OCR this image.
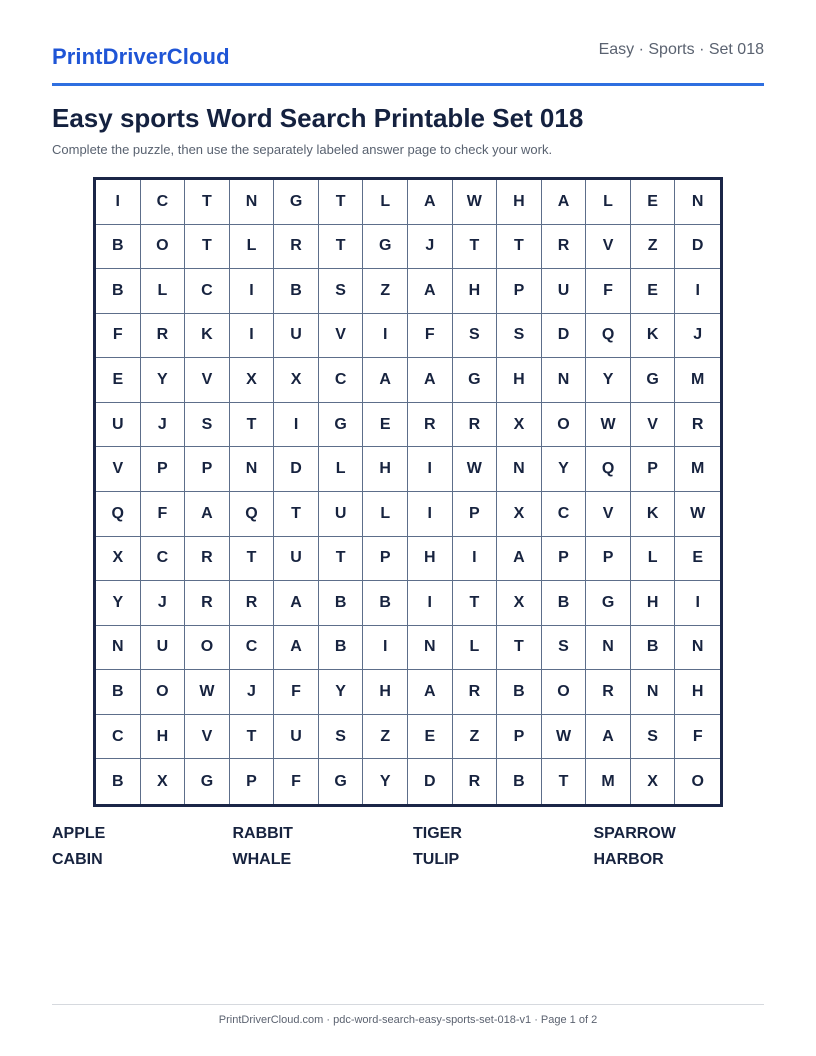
PrintDriverCloud	Easy · Sports · Set 018
Easy sports Word Search Printable Set 018
Complete the puzzle, then use the separately labeled answer page to check your work.
I	C	T	N	G	T	L	A	W	H	A	L	E	N
B	O	T	L	R	T	G	J	T	T	R	V	Z	D
B	L	C	I	B	S	Z	A	H	P	U	F	E	I
F	R	K	I	U	V	I	F	S	S	D	Q	K	J
E	Y	V	X	X	C	A	A	G	H	N	Y	G	M
U	J	S	T	I	G	E	R	R	X	O	W	V	R
V	P	P	N	D	L	H	I	W	N	Y	Q	P	M
Q	F	A	Q	T	U	L	I	P	X	C	V	K	W
X	C	R	T	U	T	P	H	I	A	P	P	L	E
Y	J	R	R	A	B	B	I	T	X	B	G	H	I
N	U	O	C	A	B	I	N	L	T	S	N	B	N
B	O	W	J	F	Y	H	A	R	B	O	R	N	H
C	H	V	T	U	S	Z	E	Z	P	W	A	S	F
B	X	G	P	F	G	Y	D	R	B	T	M	X	O
APPLE	RABBIT	TIGER	SPARROW
CABIN	WHALE	TULIP	HARBOR
PrintDriverCloud.com · pdc-word-search-easy-sports-set-018-v1 · Page 1 of 2
